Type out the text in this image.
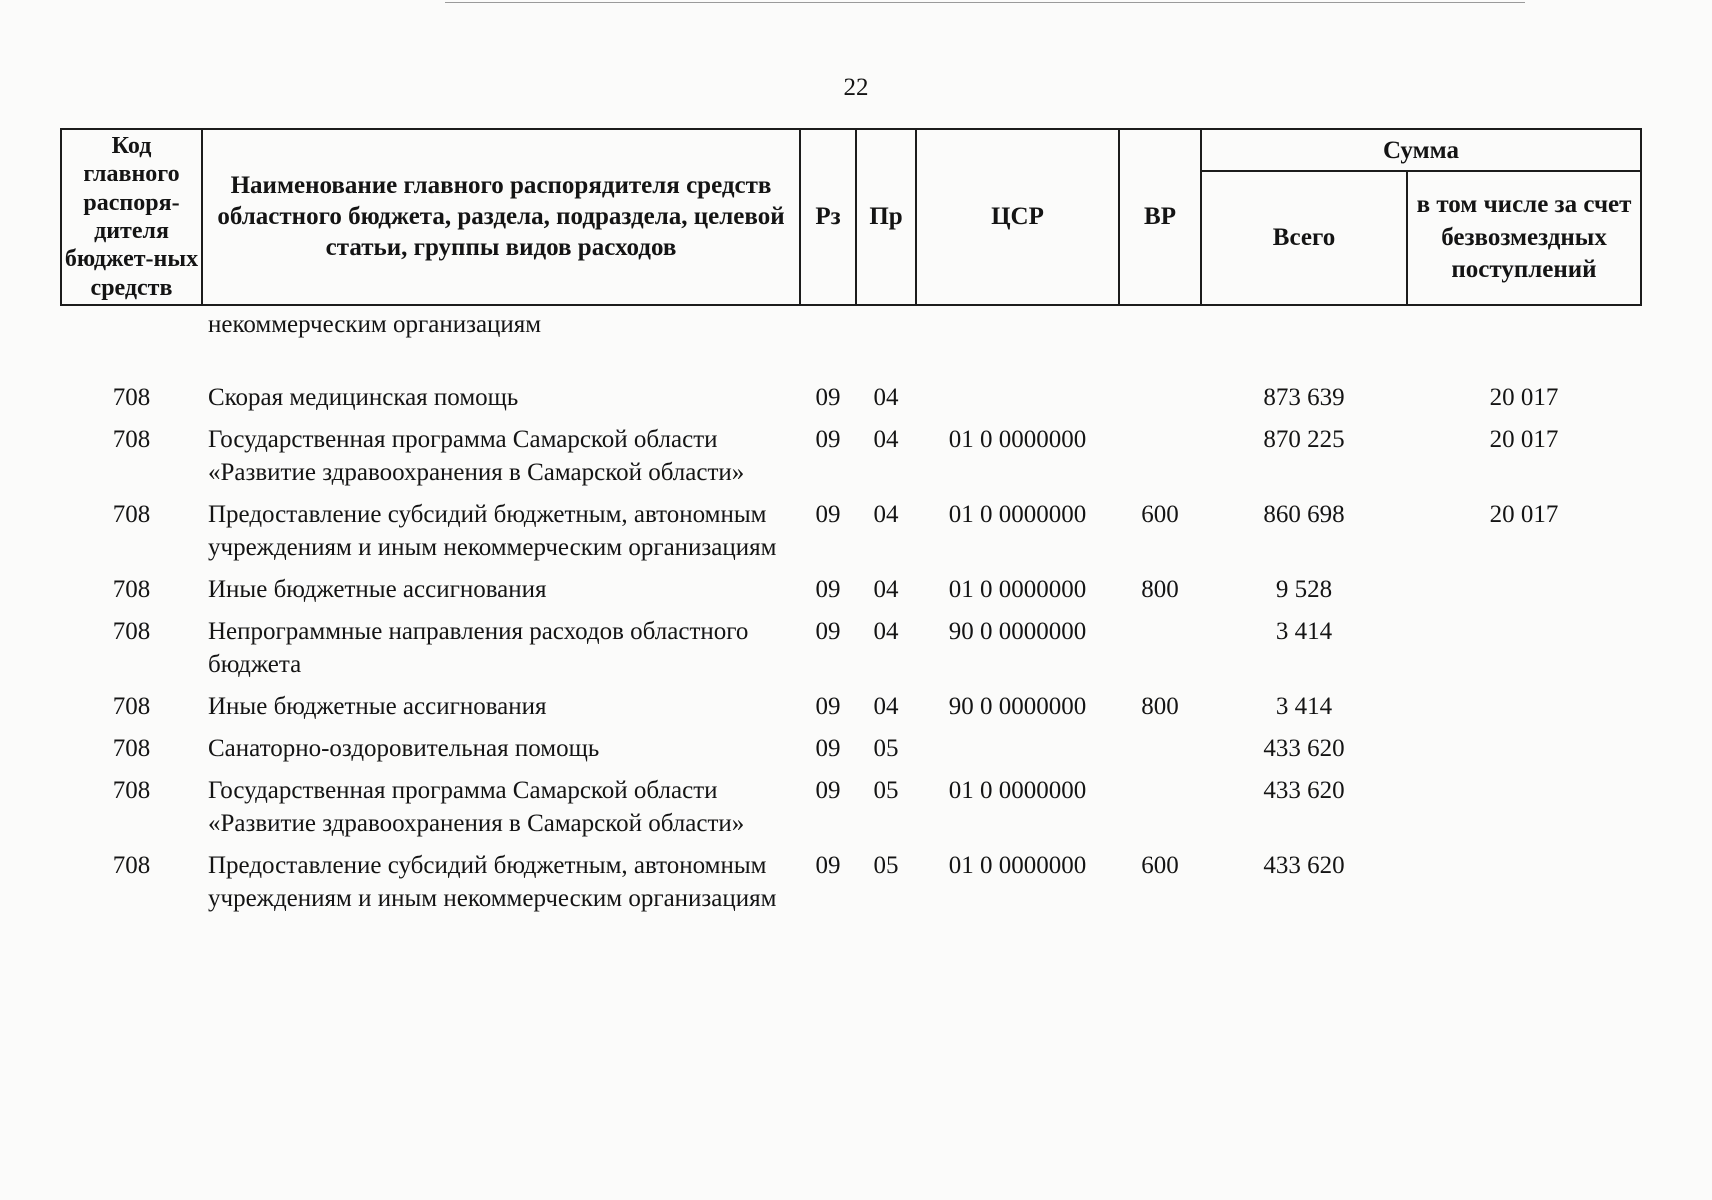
22
Код главного распоря-дителя бюджет-ных средств	Наименование главного распорядителя средств областного бюджета, раздела, подраздела, целевой статьи, группы видов расходов	Рз	Пр	ЦСР	ВР	Сумма	
						Всего	в том числе за счет безвозмездных поступлений
	некоммерческим организациям						

708	Скорая медицинская помощь	09	04			873 639	20 017
708	Государственная программа Самарской области «Развитие здравоохранения в Самарской области»	09	04	01 0 0000000		870 225	20 017
708	Предоставление субсидий бюджетным, автономным учреждениям и иным некоммерческим организациям	09	04	01 0 0000000	600	860 698	20 017
708	Иные бюджетные ассигнования	09	04	01 0 0000000	800	9 528	
708	Непрограммные направления расходов областного бюджета	09	04	90 0 0000000		3 414	
708	Иные бюджетные ассигнования	09	04	90 0 0000000	800	3 414	
708	Санаторно-оздоровительная помощь	09	05			433 620	
708	Государственная программа Самарской области «Развитие здравоохранения в Самарской области»	09	05	01 0 0000000		433 620	
708	Предоставление субсидий бюджетным, автономным учреждениям и иным некоммерческим организациям	09	05	01 0 0000000	600	433 620	
